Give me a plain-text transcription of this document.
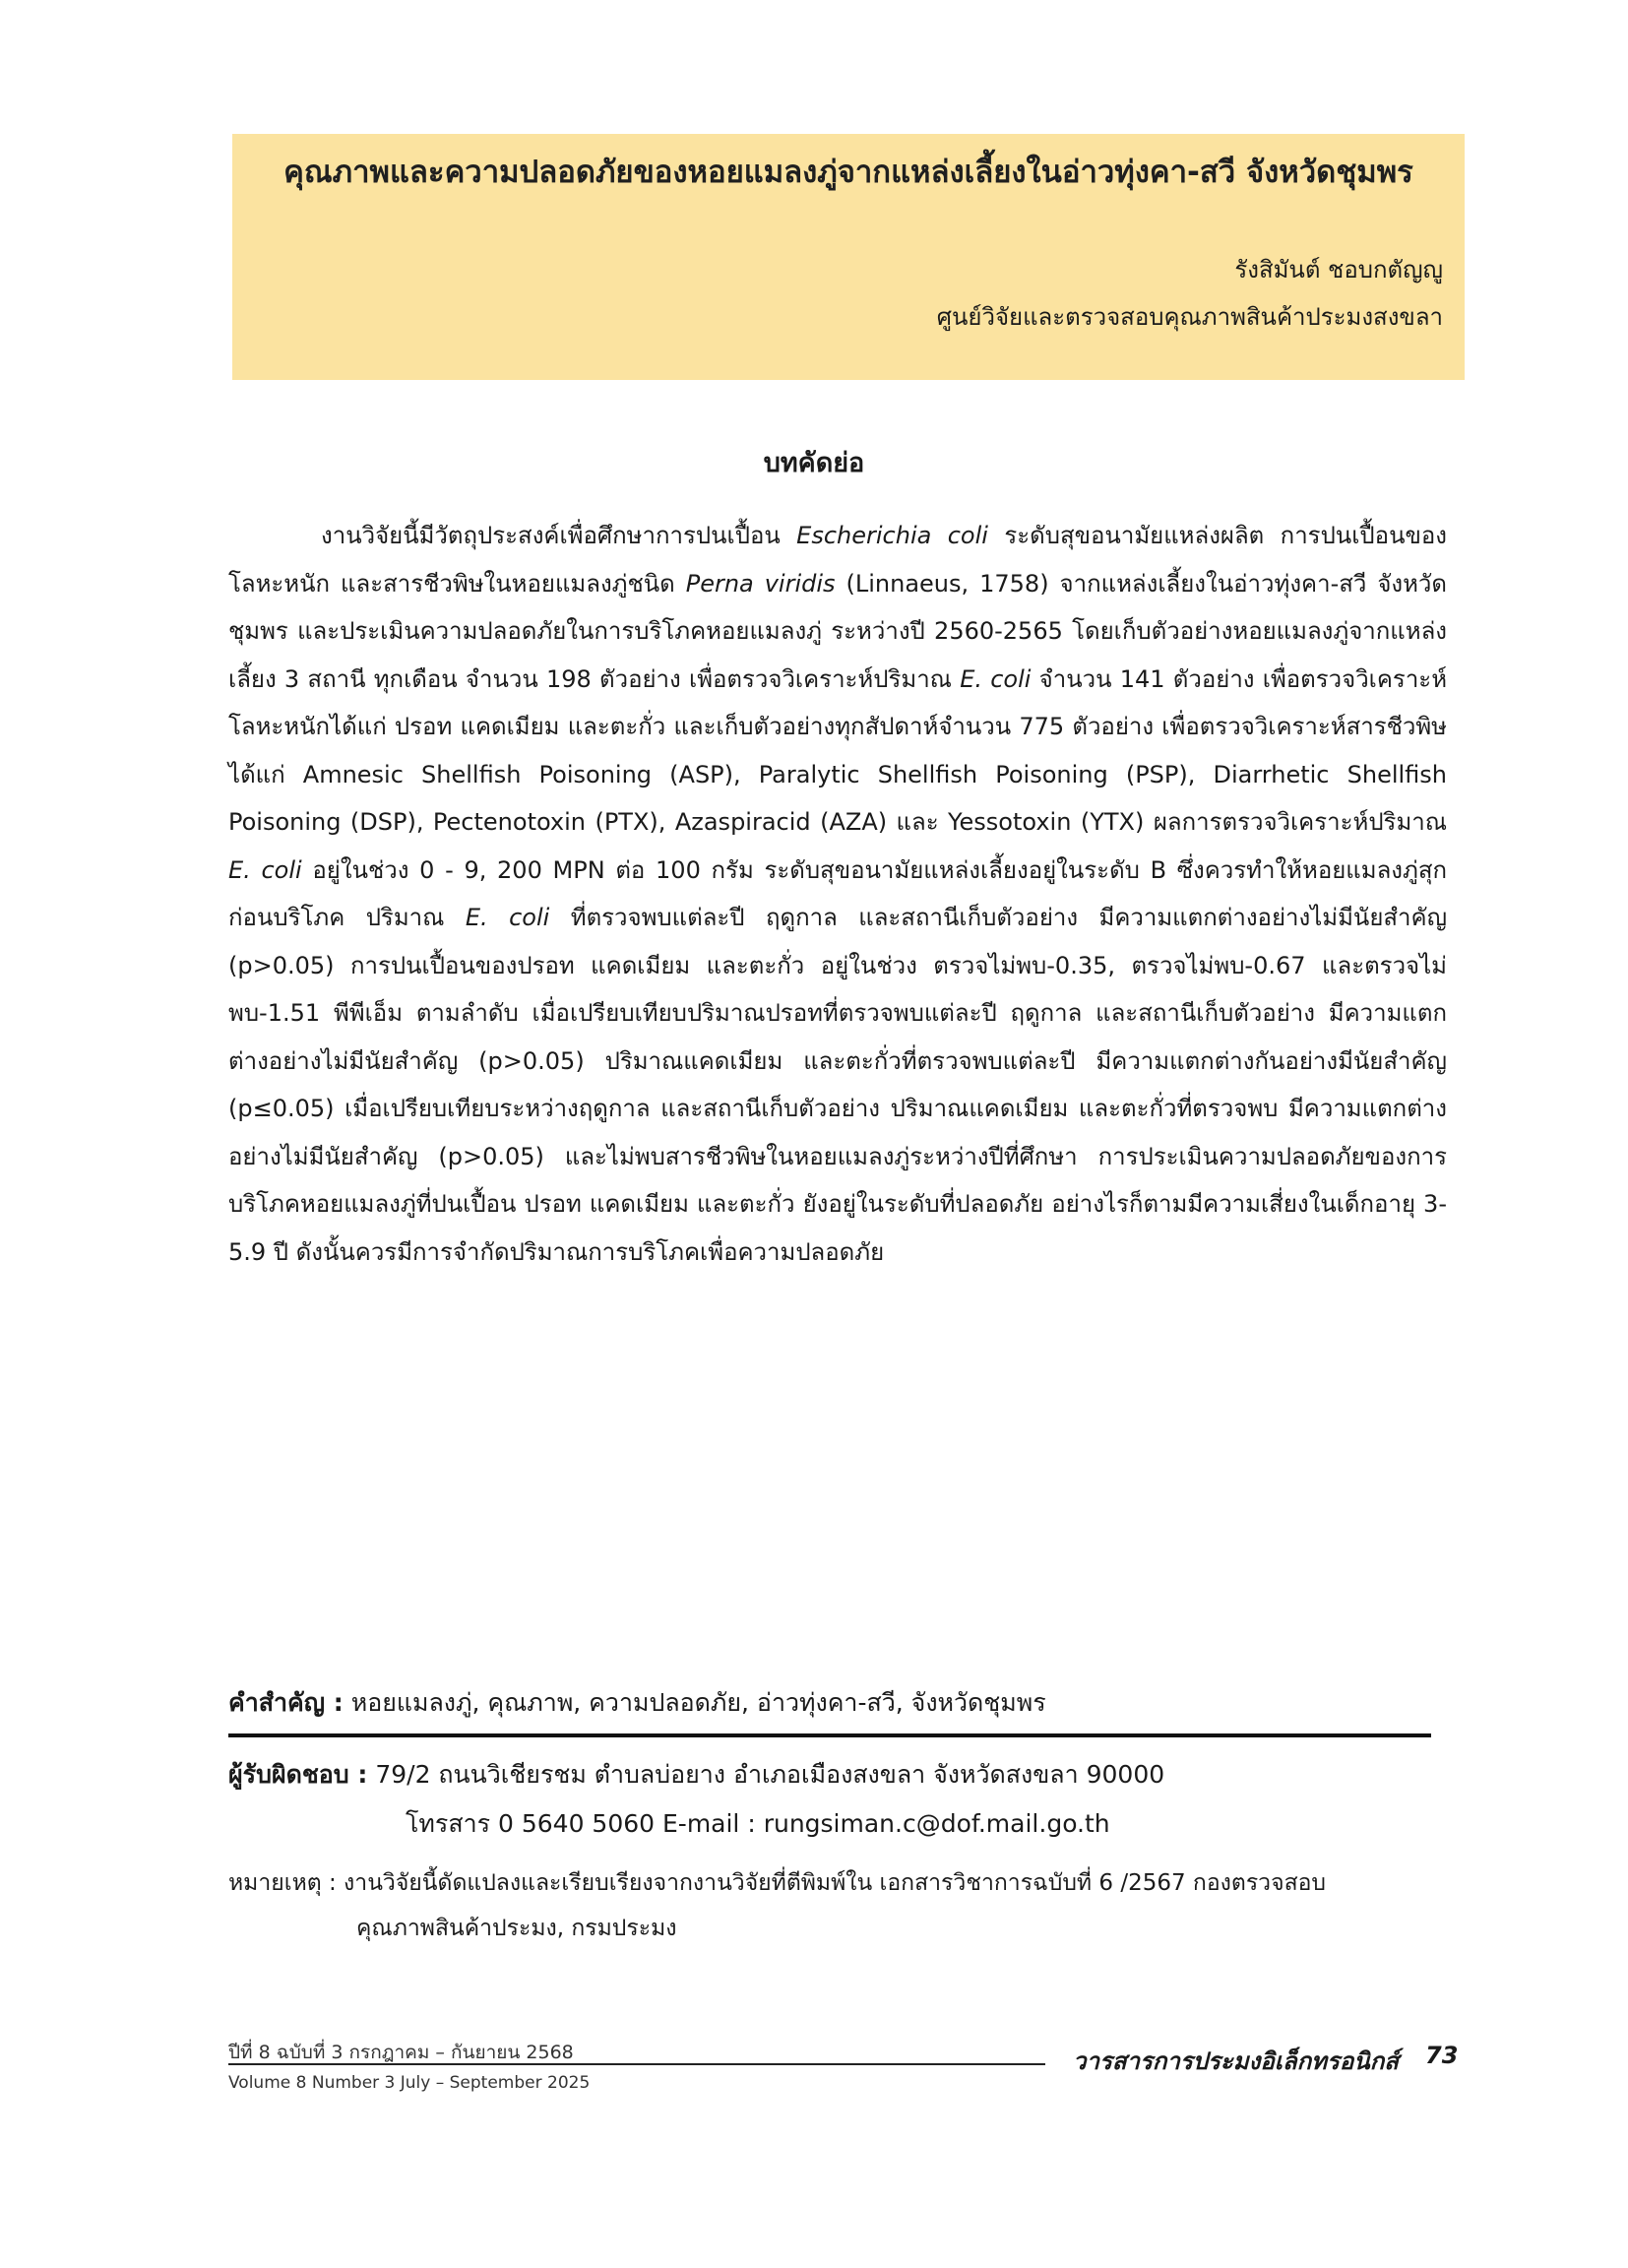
คุณภาพและความปลอดภัยของหอยแมลงภู่จากแหล่งเลี้ยงในอ่าวทุ่งคา-สวี จังหวัดชุมพร
รังสิมันต์ ชอบกตัญญู
ศูนย์วิจัยและตรวจสอบคุณภาพสินค้าประมงสงขลา
บทคัดย่อ

งานวิจัยนี้มีวัตถุประสงค์เพื่อศึกษาการปนเปื้อน Escherichia coli ระดับสุขอนามัยแหล่งผลิต การปนเปื้อนของโลหะหนัก และสารชีวพิษในหอยแมลงภู่ชนิด Perna viridis (Linnaeus, 1758) จากแหล่งเลี้ยงในอ่าวทุ่งคา-สวี จังหวัดชุมพร และประเมินความปลอดภัยในการบริโภคหอยแมลงภู่ ระหว่างปี 2560-2565 โดยเก็บตัวอย่างหอยแมลงภู่จากแหล่งเลี้ยง 3 สถานี ทุกเดือน จำนวน 198 ตัวอย่าง เพื่อตรวจวิเคราะห์ปริมาณ E. coli จำนวน 141 ตัวอย่าง เพื่อตรวจวิเคราะห์โลหะหนักได้แก่ ปรอท แคดเมียม และตะกั่ว และเก็บตัวอย่างทุกสัปดาห์จำนวน 775 ตัวอย่าง เพื่อตรวจวิเคราะห์สารชีวพิษได้แก่ Amnesic Shellfish Poisoning (ASP), Paralytic Shellfish Poisoning (PSP), Diarrhetic Shellfish Poisoning (DSP), Pectenotoxin (PTX), Azaspiracid (AZA) และ Yessotoxin (YTX) ผลการตรวจวิเคราะห์ปริมาณ E. coli อยู่ในช่วง 0 - 9, 200 MPN ต่อ 100 กรัม ระดับสุขอนามัยแหล่งเลี้ยงอยู่ในระดับ B ซึ่งควรทำให้หอยแมลงภู่สุกก่อนบริโภค ปริมาณ E. coli ที่ตรวจพบแต่ละปี ฤดูกาล และสถานีเก็บตัวอย่าง มีความแตกต่างอย่างไม่มีนัยสำคัญ (p>0.05) การปนเปื้อนของปรอท แคดเมียม และตะกั่ว อยู่ในช่วง ตรวจไม่พบ-0.35, ตรวจไม่พบ-0.67 และตรวจไม่พบ-1.51 พีพีเอ็ม ตามลำดับ เมื่อเปรียบเทียบปริมาณปรอทที่ตรวจพบแต่ละปี ฤดูกาล และสถานีเก็บตัวอย่าง มีความแตกต่างอย่างไม่มีนัยสำคัญ (p>0.05) ปริมาณแคดเมียม และตะกั่วที่ตรวจพบแต่ละปี มีความแตกต่างกันอย่างมีนัยสำคัญ (p≤0.05) เมื่อเปรียบเทียบระหว่างฤดูกาล และสถานีเก็บตัวอย่าง ปริมาณแคดเมียม และตะกั่วที่ตรวจพบ มีความแตกต่างอย่างไม่มีนัยสำคัญ (p>0.05) และไม่พบสารชีวพิษในหอยแมลงภู่ระหว่างปีที่ศึกษา การประเมินความปลอดภัยของการบริโภคหอยแมลงภู่ที่ปนเปื้อน ปรอท แคดเมียม และตะกั่ว ยังอยู่ในระดับที่ปลอดภัย อย่างไรก็ตามมีความเสี่ยงในเด็กอายุ 3-5.9 ปี ดังนั้นควรมีการจำกัดปริมาณการบริโภคเพื่อความปลอดภัย

คำสำคัญ : หอยแมลงภู่, คุณภาพ, ความปลอดภัย, อ่าวทุ่งคา-สวี, จังหวัดชุมพร
ผู้รับผิดชอบ : 79/2 ถนนวิเชียรชม ตำบลบ่อยาง อำเภอเมืองสงขลา จังหวัดสงขลา 90000
โทรสาร 0 5640 5060 E-mail : rungsiman.c@dof.mail.go.th
หมายเหตุ : งานวิจัยนี้ดัดแปลงและเรียบเรียงจากงานวิจัยที่ตีพิมพ์ใน เอกสารวิชาการฉบับที่ 6 /2567 กองตรวจสอบ
คุณภาพสินค้าประมง, กรมประมง
ปีที่ 8 ฉบับที่ 3 กรกฎาคม – กันยายน 2568
Volume 8 Number 3 July – September 2025
วารสารการประมงอิเล็กทรอนิกส์ 73
